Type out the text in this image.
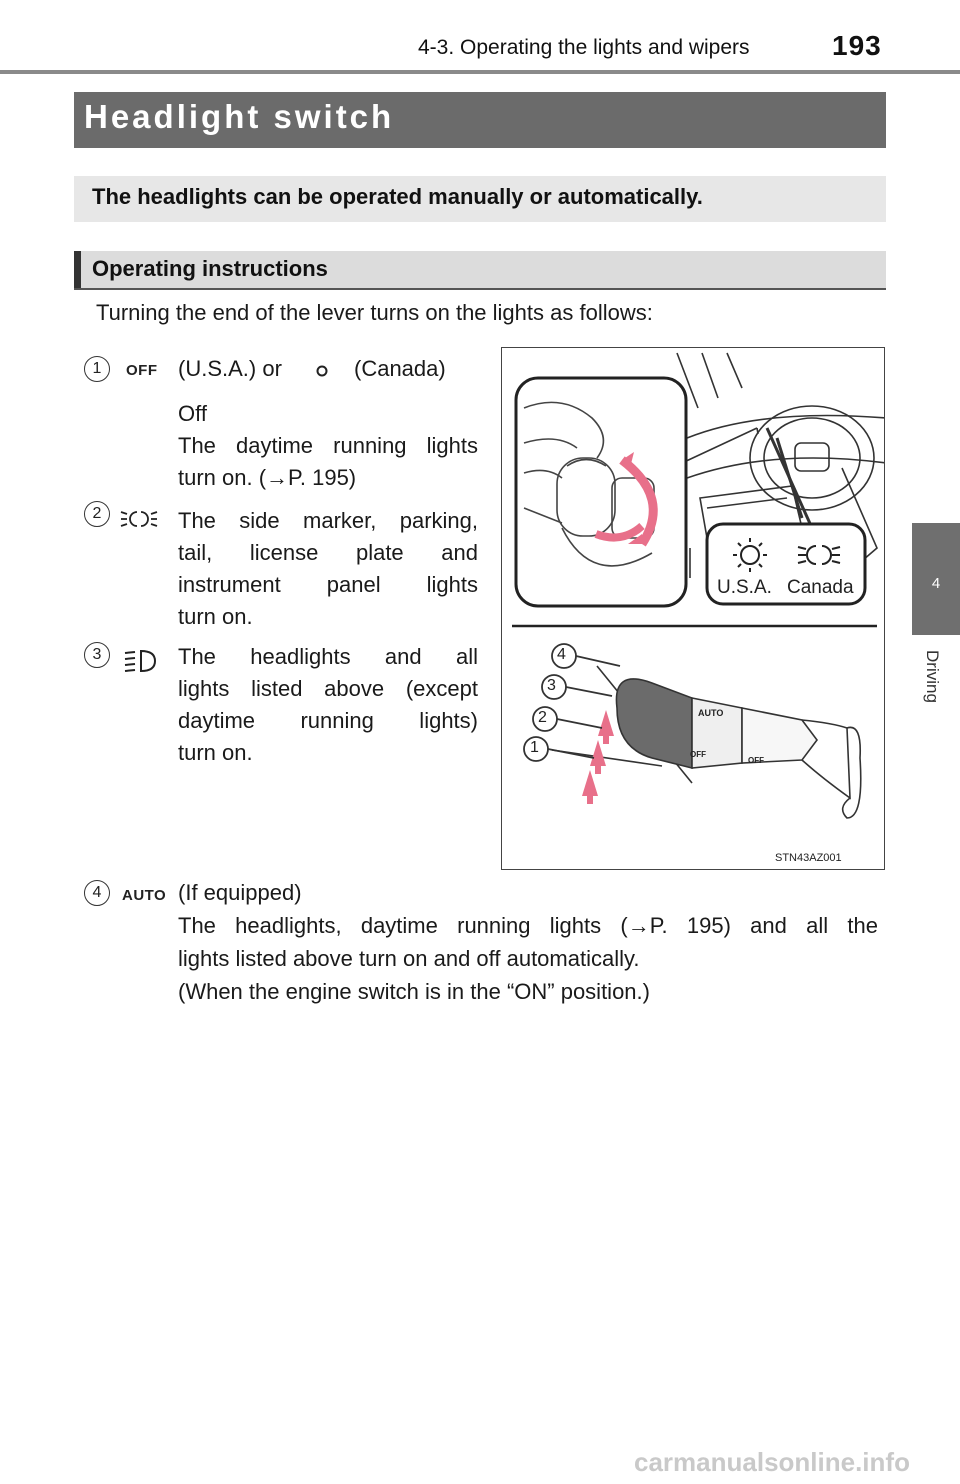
4-3. Operating the lights and wipers	193
4
Driving
Headlight switch
The headlights can be operated manually or automatically.
Operating instructions
Turning the end of the lever turns on the lights as follows:
1	OFF (U.S.A.) or	(Canada)
Off
The daytime running lights
turn on. (→P. 195)
2	The side marker, parking,
tail, license plate and
instrument panel lights
turn on.
3	The headlights and all
lights listed above (except
daytime running lights)
turn on.
4	AUTO (If equipped)
The headlights, daytime running lights (→P. 195) and all the
lights listed above turn on and off automatically.
(When the engine switch is in the “ON” position.)
U.S.A. Canada
4
3
2
1
AUTO
OFF
OFF
STN43AZ001
carmanualsonline.info
